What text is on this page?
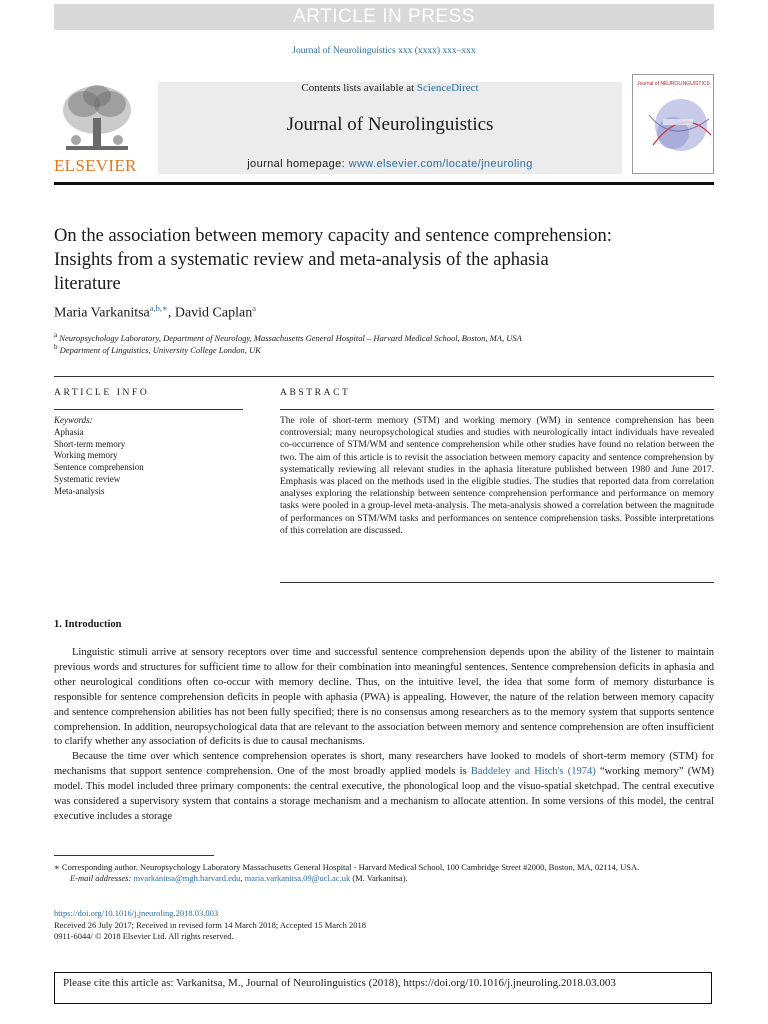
ARTICLE IN PRESS
Journal of Neurolinguistics xxx (xxxx) xxx–xxx
ELSEVIER
Contents lists available at ScienceDirect
Journal of Neurolinguistics
journal homepage: www.elsevier.com/locate/jneuroling
Journal of NEUROLINGUISTICS
On the association between memory capacity and sentence comprehension: Insights from a systematic review and meta-analysis of the aphasia literature
Maria Varkanitsa$^{a,b,∗}$, David Caplan$^a$
$^a$ Neuropsychology Laboratory, Department of Neurology, Massachusetts General Hospital – Harvard Medical School, Boston, MA, USA
$^b$ Department of Linguistics, University College London, UK
ARTICLE INFO
Keywords:
Aphasia
Short-term memory
Working memory
Sentence comprehension
Systematic review
Meta-analysis
ABSTRACT
The role of short-term memory (STM) and working memory (WM) in sentence comprehension has been controversial; many neuropsychological studies and studies with neurologically intact individuals have revealed co-occurrence of STM/WM and sentence comprehension while other studies have found no relation between the two. The aim of this article is to revisit the association between memory capacity and sentence comprehension by systematically reviewing all relevant studies in the aphasia literature published between 1980 and June 2017. Emphasis was placed on the methods used in the eligible studies. The studies that reported data from correlation analyses exploring the relationship between sentence comprehension performance and performance on memory tasks were pooled in a group-level meta-analysis. The meta-analysis showed a correlation between the magnitude of performances on STM/WM tasks and performances on sentence comprehension tasks. Possible interpretations of this correlation are discussed.
1. Introduction

Linguistic stimuli arrive at sensory receptors over time and successful sentence comprehension depends upon the ability of the listener to maintain previous words and structures for sufficient time to allow for their combination into meaningful sentences. Sentence comprehension deficits in aphasia and other neurological conditions often co-occur with memory decline. Thus, on the intuitive level, the idea that some form of memory disturbance is responsible for sentence comprehension deficits in people with aphasia (PWA) is appealing. However, the nature of the relation between memory capacity and sentence comprehension abilities has not been fully specified; there is no consensus among researchers as to the memory system that supports sentence comprehension. In addition, neuropsychological data that are relevant to the association between memory and sentence comprehension are often insufficient to clarify whether any association of deficits is due to causal mechanisms.

Because the time over which sentence comprehension operates is short, many researchers have looked to models of short-term memory (STM) for mechanisms that support sentence comprehension. One of the most broadly applied models is Baddeley and Hitch's (1974) “working memory” (WM) model. This model included three primary components: the central executive, the phonological loop and the visuo-spatial sketchpad. The central executive was considered a supervisory system that contains a storage mechanism and a mechanism to allocate attention. In some versions of this model, the central executive includes a storage

∗ Corresponding author. Neuropsychology Laboratory Massachusetts General Hospital - Harvard Medical School, 100 Cambridge Street #2000, Boston, MA, 02114, USA.

E-mail addresses: mvarkanitsa@mgh.harvard.edu, maria.varkanitsa.09@ucl.ac.uk (M. Varkanitsa).

https://doi.org/10.1016/j.jneuroling.2018.03.003

Received 26 July 2017; Received in revised form 14 March 2018; Accepted 15 March 2018

0911-6044/ © 2018 Elsevier Ltd. All rights reserved.

Please cite this article as: Varkanitsa, M., Journal of Neurolinguistics (2018), https://doi.org/10.1016/j.jneuroling.2018.03.003
